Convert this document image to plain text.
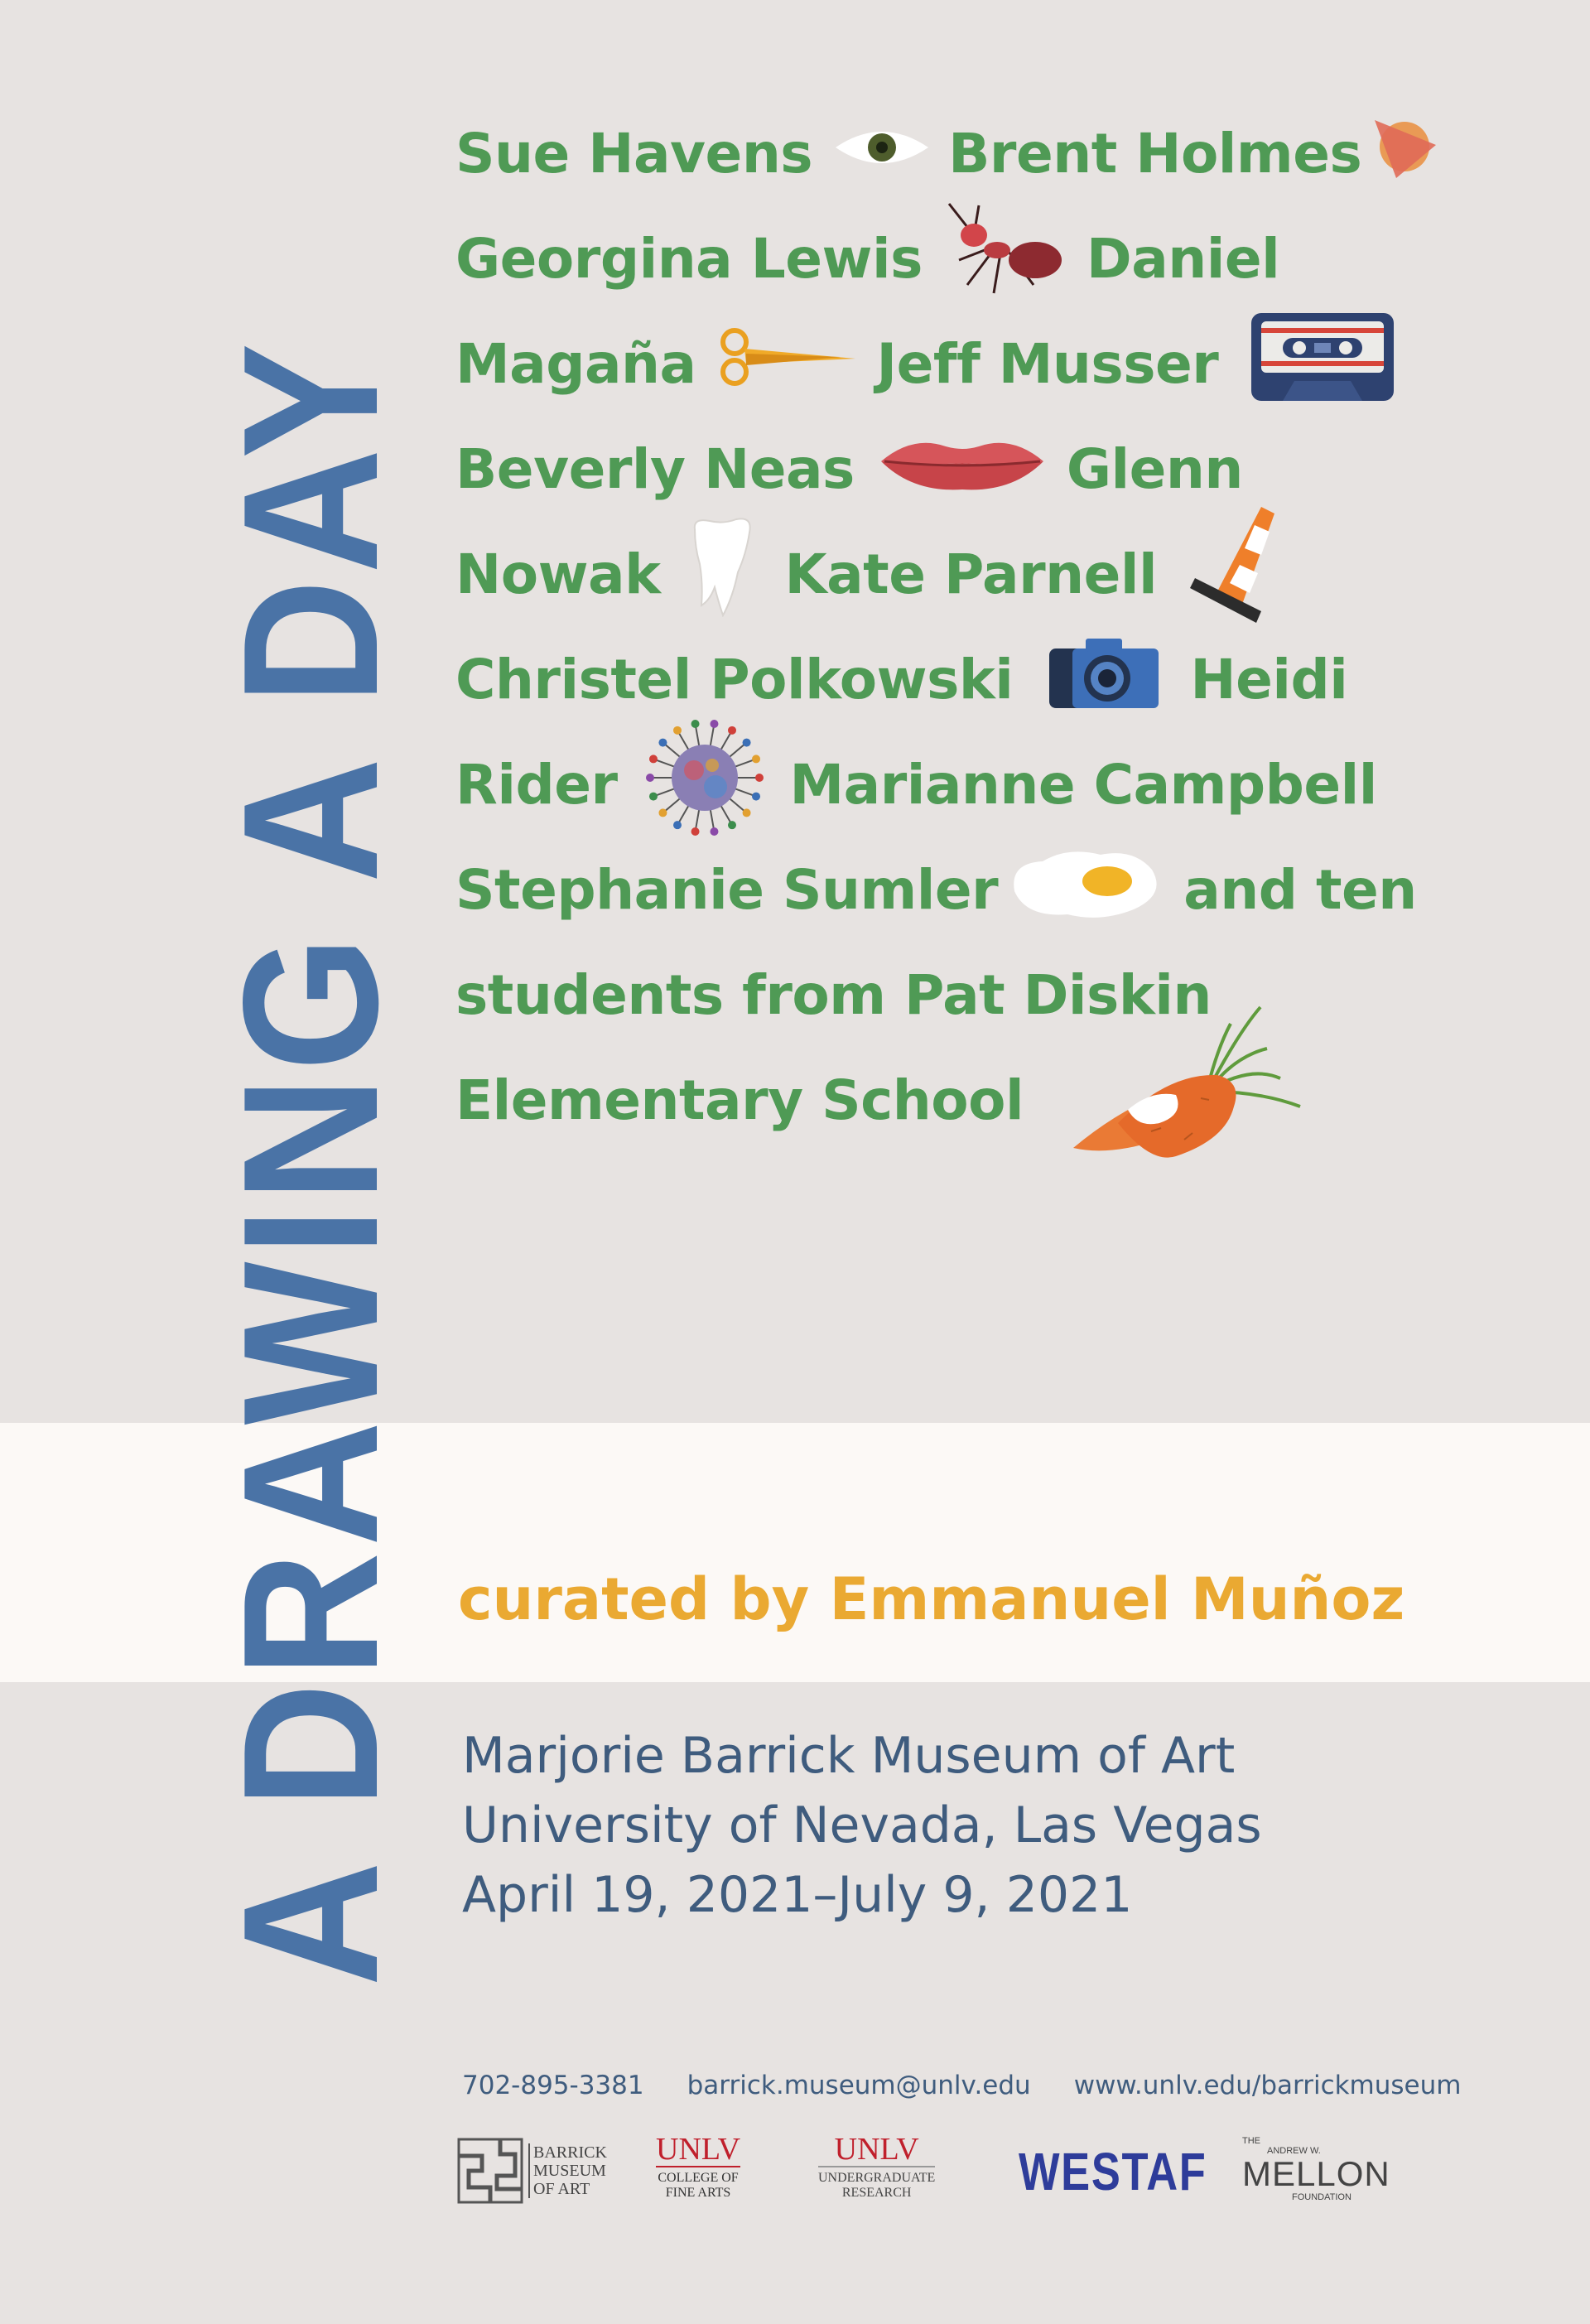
A DRAWING A DAY
Sue Havens Brent Holmes
Georgina Lewis	Daniel
Magaña	Jeff Musser
Beverly Neas	Glenn
Nowak Kate Parnell
Christel Polkowski	Heidi
Rider	Marianne Campbell
Stephanie Sumler	and ten
students from Pat Diskin
Elementary School
curated by Emmanuel Muñoz
Marjorie Barrick Museum of Art
University of Nevada, Las Vegas
April 19, 2021–July 9, 2021
702-895-3381 barrick.museum@unlv.edu www.unlv.edu/barrickmuseum
BARRICK
MUSEUM
OF ART
UNLV
COLLEGE OF
FINE ARTS
UNLV
UNDERGRADUATE
RESEARCH	WESTAF
THE
ANDREW W.
MELLON
FOUNDATION
